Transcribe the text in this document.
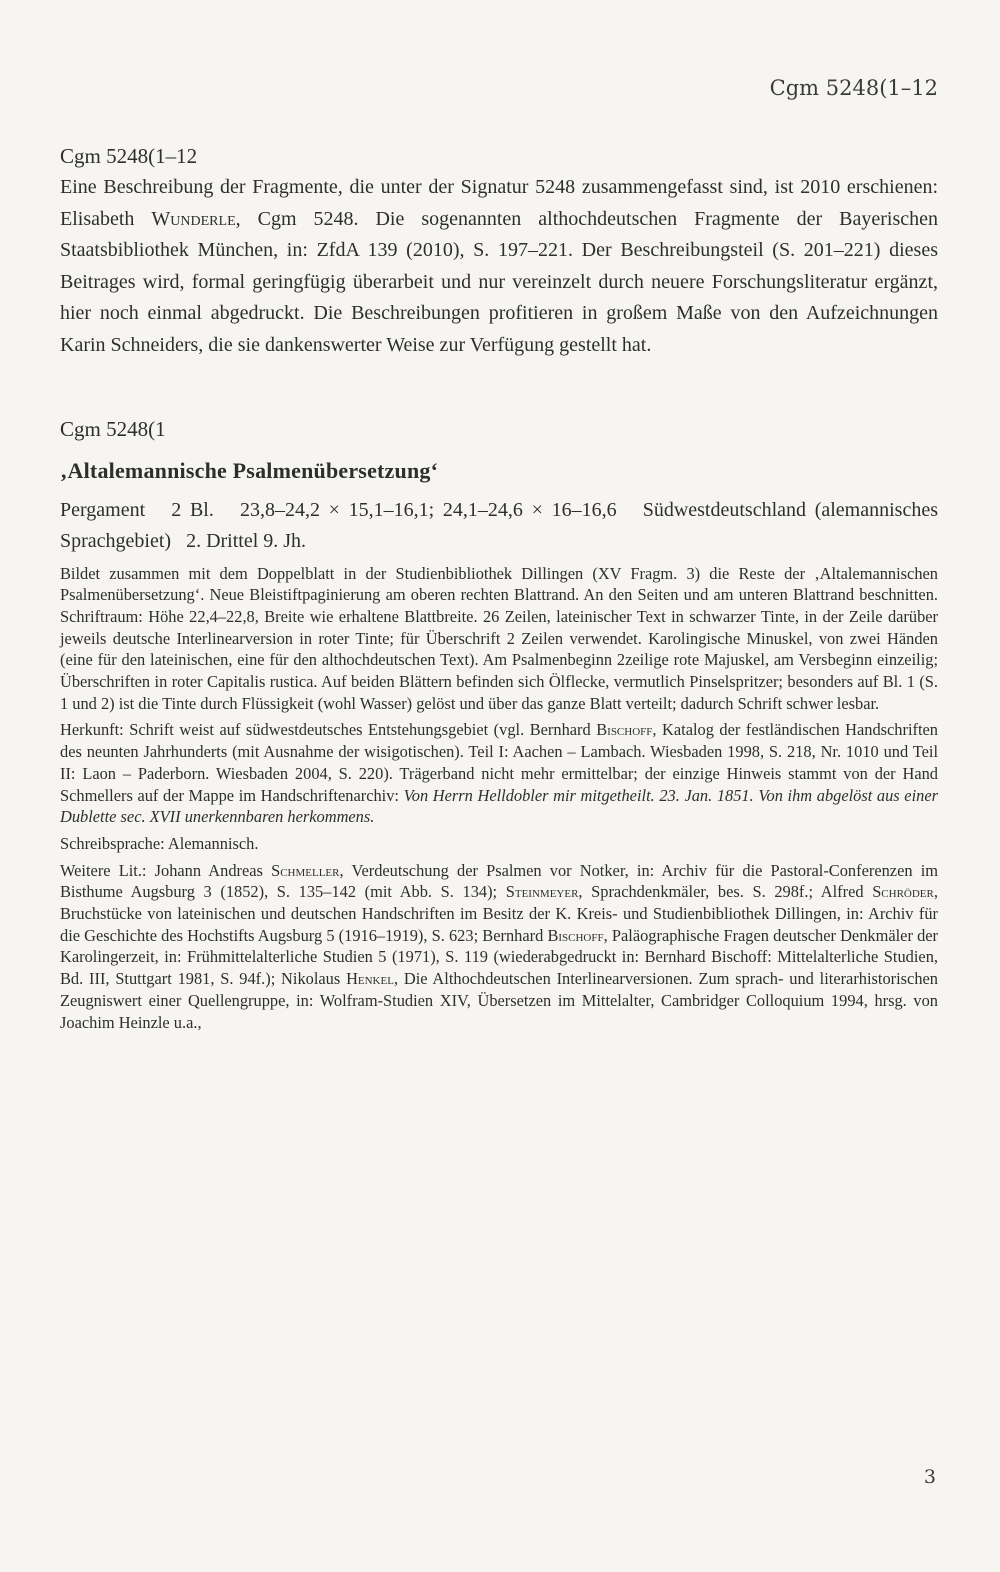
Cgm 5248(1–12

Cgm 5248(1–12

Eine Beschreibung der Fragmente, die unter der Signatur 5248 zusammengefasst sind, ist 2010 erschienen: Elisabeth Wunderle, Cgm 5248. Die sogenannten althochdeutschen Fragmente der Bayerischen Staatsbibliothek München, in: ZfdA 139 (2010), S. 197–221. Der Beschreibungsteil (S. 201–221) dieses Beitrages wird, formal geringfügig überarbeit und nur vereinzelt durch neuere Forschungsliteratur ergänzt, hier noch einmal abgedruckt. Die Beschreibungen profitieren in großem Maße von den Aufzeichnungen Karin Schneiders, die sie dankenswerter Weise zur Verfügung gestellt hat.

Cgm 5248(1

‚Altalemannische Psalmenübersetzung‘

Pergament   2 Bl.   23,8–24,2 × 15,1–16,1; 24,1–24,6 × 16–16,6   Südwestdeutschland (alemannisches Sprachgebiet)   2. Drittel 9. Jh.

Bildet zusammen mit dem Doppelblatt in der Studienbibliothek Dillingen (XV Fragm. 3) die Reste der ‚Altalemannischen Psalmenübersetzung‘. Neue Bleistiftpaginierung am oberen rechten Blattrand. An den Seiten und am unteren Blattrand beschnitten. Schriftraum: Höhe 22,4–22,8, Breite wie erhaltene Blattbreite. 26 Zeilen, lateinischer Text in schwarzer Tinte, in der Zeile darüber jeweils deutsche Interlinearversion in roter Tinte; für Überschrift 2 Zeilen verwendet. Karolingische Minuskel, von zwei Händen (eine für den lateinischen, eine für den althochdeutschen Text). Am Psalmenbeginn 2zeilige rote Majuskel, am Versbeginn einzeilig; Überschriften in roter Capitalis rustica. Auf beiden Blättern befinden sich Ölflecke, vermutlich Pinselspritzer; besonders auf Bl. 1 (S. 1 und 2) ist die Tinte durch Flüssigkeit (wohl Wasser) gelöst und über das ganze Blatt verteilt; dadurch Schrift schwer lesbar.

Herkunft: Schrift weist auf südwestdeutsches Entstehungsgebiet (vgl. Bernhard Bischoff, Katalog der festländischen Handschriften des neunten Jahrhunderts (mit Ausnahme der wisigotischen). Teil I: Aachen – Lambach. Wiesbaden 1998, S. 218, Nr. 1010 und Teil II: Laon – Paderborn. Wiesbaden 2004, S. 220). Trägerband nicht mehr ermittelbar; der einzige Hinweis stammt von der Hand Schmellers auf der Mappe im Handschriftenarchiv: Von Herrn Helldobler mir mitgetheilt. 23. Jan. 1851. Von ihm abgelöst aus einer Dublette sec. XVII unerkennbaren herkommens.

Schreibsprache: Alemannisch.

Weitere Lit.: Johann Andreas Schmeller, Verdeutschung der Psalmen vor Notker, in: Archiv für die Pastoral-Conferenzen im Bisthume Augsburg 3 (1852), S. 135–142 (mit Abb. S. 134); Steinmeyer, Sprachdenkmäler, bes. S. 298f.; Alfred Schröder, Bruchstücke von lateinischen und deutschen Handschriften im Besitz der K. Kreis- und Studienbibliothek Dillingen, in: Archiv für die Geschichte des Hochstifts Augsburg 5 (1916–1919), S. 623; Bernhard Bischoff, Paläographische Fragen deutscher Denkmäler der Karolingerzeit, in: Frühmittelalterliche Studien 5 (1971), S. 119 (wiederabgedruckt in: Bernhard Bischoff: Mittelalterliche Studien, Bd. III, Stuttgart 1981, S. 94f.); Nikolaus Henkel, Die Althochdeutschen Interlinearversionen. Zum sprach- und literarhistorischen Zeugniswert einer Quellengruppe, in: Wolfram-Studien XIV, Übersetzen im Mittelalter, Cambridger Colloquium 1994, hrsg. von Joachim Heinzle u.a.,

3
